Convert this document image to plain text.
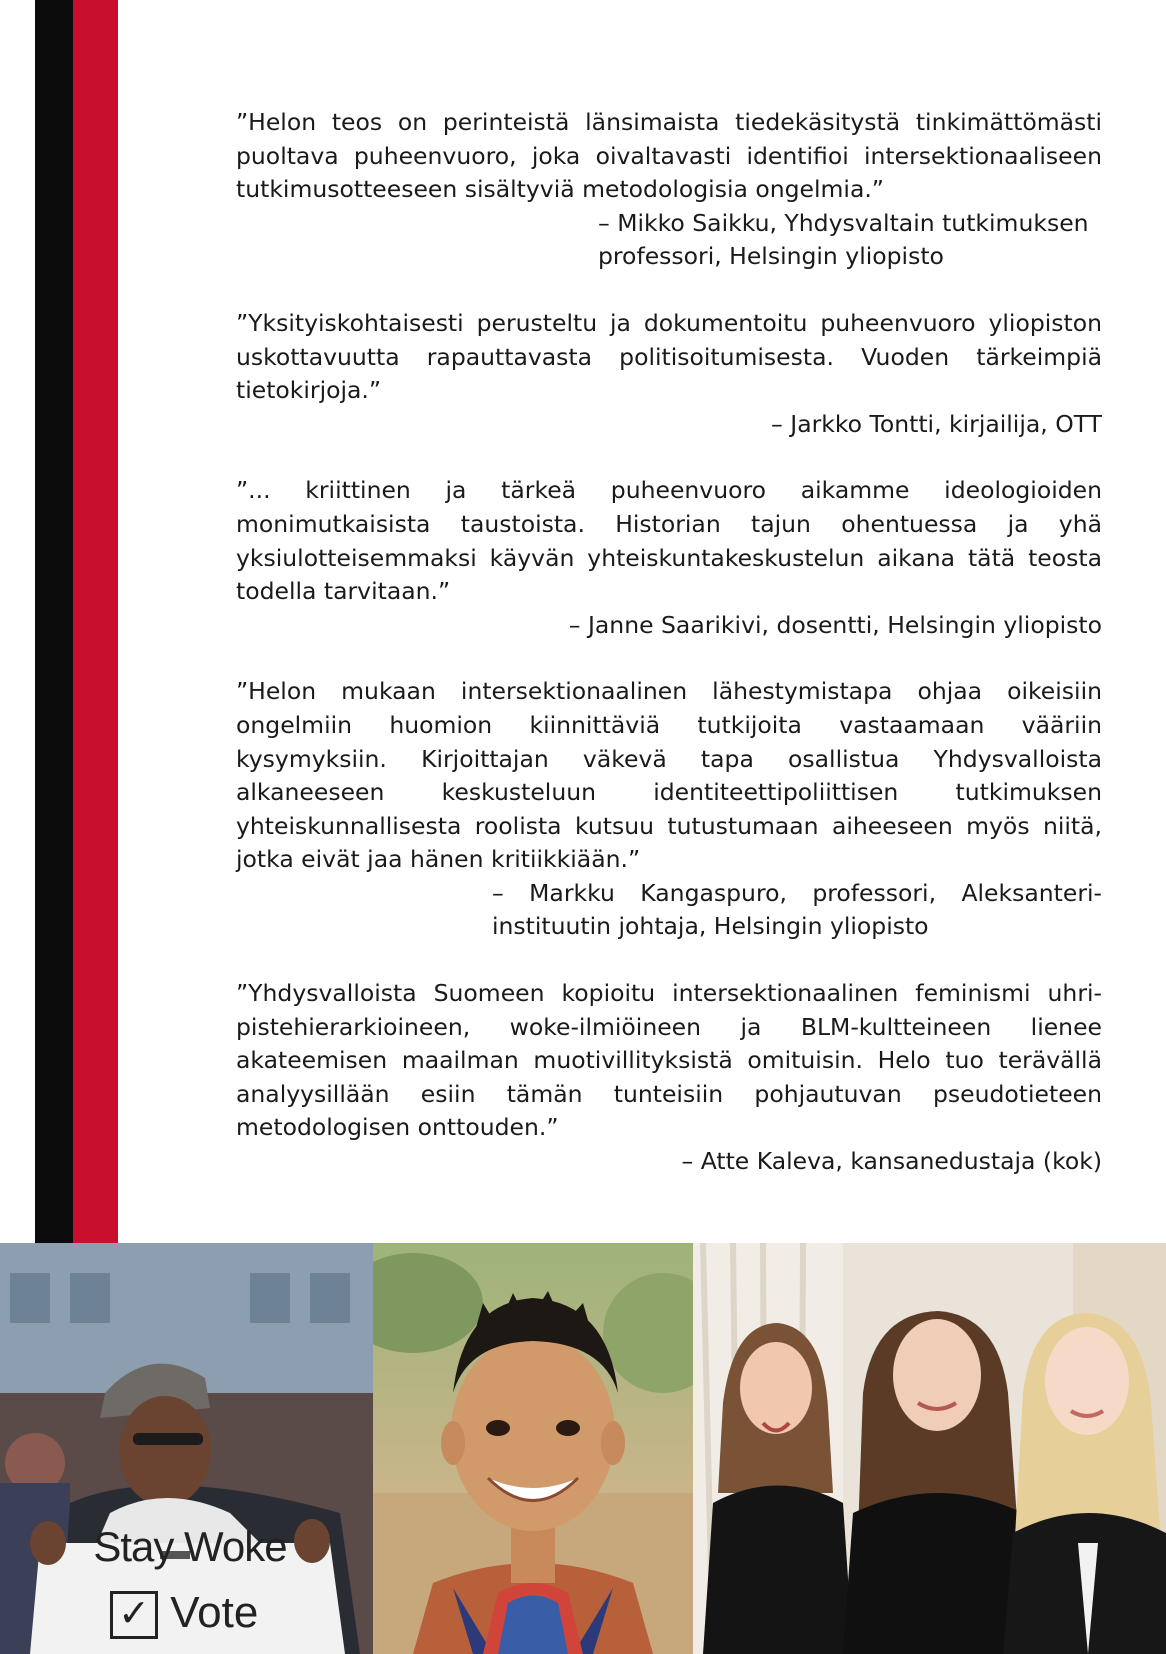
”Helon teos on perinteistä länsimaista tiedekäsitystä tinkimättömästi puoltava puheenvuoro, joka oivaltavasti identifioi intersektionaaliseen tutkimusotteeseen sisältyviä metodologisia ongelmia.”

– Mikko Saikku, Yhdysvaltain tutkimuksen
professori, Helsingin yliopisto

”Yksityiskohtaisesti perusteltu ja dokumentoitu puheenvuoro yliopiston uskottavuutta rapauttavasta politisoitumisesta. Vuoden tärkeimpiä tietokirjoja.”

– Jarkko Tontti, kirjailija, OTT

”... kriittinen ja tärkeä puheenvuoro aikamme ideologioiden monimutkaisista taustoista. Historian tajun ohentuessa ja yhä yksiulotteisemmaksi käyvän yhteiskuntakeskustelun aikana tätä teosta todella tarvitaan.”

– Janne Saarikivi, dosentti, Helsingin yliopisto

”Helon mukaan intersektionaalinen lähestymistapa ohjaa oikeisiin ongelmiin huomion kiinnittäviä tutkijoita vastaamaan vääriin kysymyksiin. Kirjoittajan väkevä tapa osallistua Yhdysvalloista alkaneeseen keskusteluun identiteettipoliittisen tutkimuksen yhteiskunnallisesta roolista kutsuu tutustumaan aiheeseen myös niitä, jotka eivät jaa hänen kritiikkiään.”

– Markku Kangaspuro, professori, Aleksanteri-
instituutin johtaja, Helsingin yliopisto

”Yhdysvalloista Suomeen kopioitu intersektionaalinen feminismi uhri-pistehierarkioineen, woke-ilmiöineen ja BLM-kultteineen lienee akateemisen maailman muotivillityksistä omituisin. Helo tuo terävällä analyysillään esiin tämän tunteisiin pohjautuvan pseudotieteen metodologisen onttouden.”

– Atte Kaleva, kansanedustaja (kok)

Stay Woke
✓ Vote
